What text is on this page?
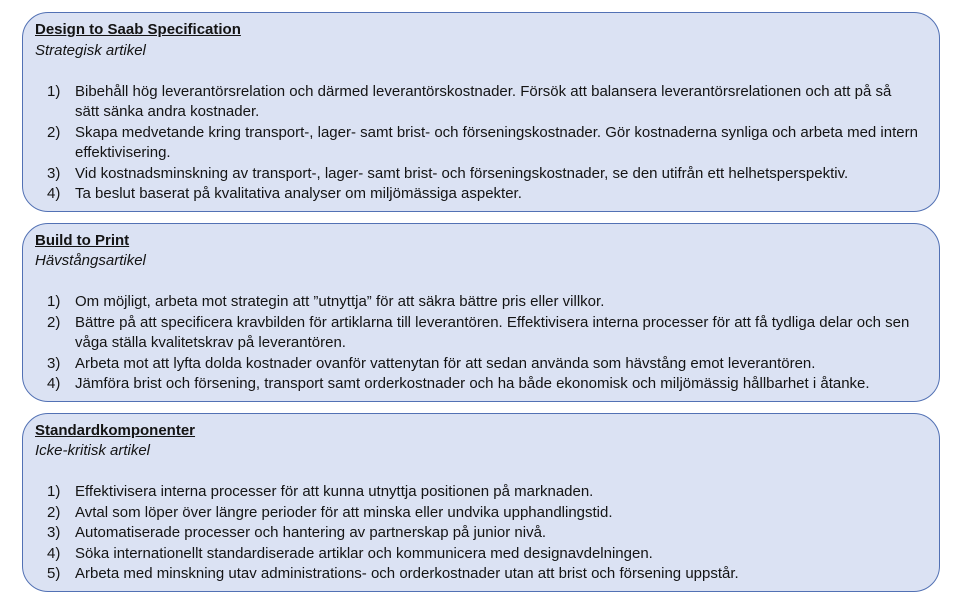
Design to Saab Specification
Strategisk artikel
1) Bibehåll hög leverantörsrelation och därmed leverantörskostnader. Försök att balansera leverantörsrelationen och att på så sätt sänka andra kostnader.
2) Skapa medvetande kring transport-, lager- samt brist- och förseningskostnader. Gör kostnaderna synliga och arbeta med intern effektivisering.
3) Vid kostnadsminskning av transport-, lager- samt brist- och förseningskostnader, se den utifrån ett helhetsperspektiv.
4) Ta beslut baserat på kvalitativa analyser om miljömässiga aspekter.
Build to Print
Hävstångsartikel
1) Om möjligt, arbeta mot strategin att ”utnyttja” för att säkra bättre pris eller villkor.
2) Bättre på att specificera kravbilden för artiklarna till leverantören. Effektivisera interna processer för att få tydliga delar och sen våga ställa kvalitetskrav på leverantören.
3) Arbeta mot att lyfta dolda kostnader ovanför vattenytan för att sedan använda som hävstång emot leverantören.
4) Jämföra brist och försening, transport samt orderkostnader och ha både ekonomisk och miljömässig hållbarhet i åtanke.
Standardkomponenter
Icke-kritisk artikel
1) Effektivisera interna processer för att kunna utnyttja positionen på marknaden.
2) Avtal som löper över längre perioder för att minska eller undvika upphandlingstid.
3) Automatiserade processer och hantering av partnerskap på junior nivå.
4) Söka internationellt standardiserade artiklar och kommunicera med designavdelningen.
5) Arbeta med minskning utav administrations- och orderkostnader utan att brist och försening uppstår.
